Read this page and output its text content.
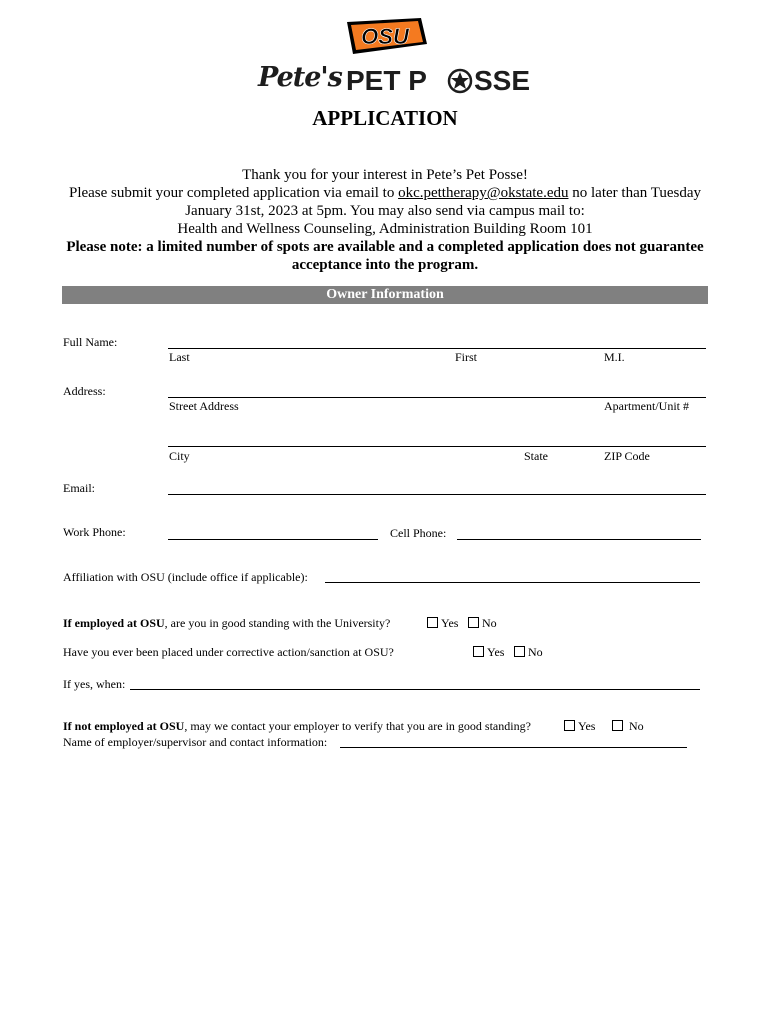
OSU
Pete's PET P SSE
APPLICATION
Thank you for your interest in Pete’s Pet Posse!
Please submit your completed application via email to okc.pettherapy@okstate.edu no later than Tuesday
January 31st, 2023 at 5pm. You may also send via campus mail to:
Health and Wellness Counseling, Administration Building Room 101
Please note: a limited number of spots are available and a completed application does not guarantee acceptance into the program.
Owner Information
Full Name:
Last	First	M.I.
Address:
Street Address	Apartment/Unit #
City	State	ZIP Code
Email:
Work Phone:	Cell Phone:
Affiliation with OSU (include office if applicable):
If employed at OSU, are you in good standing with the University?	Yes	No
Have you ever been placed under corrective action/sanction at OSU?	Yes	No
If yes, when:
If not employed at OSU, may we contact your employer to verify that you are in good standing?	Yes	No
Name of employer/supervisor and contact information:
